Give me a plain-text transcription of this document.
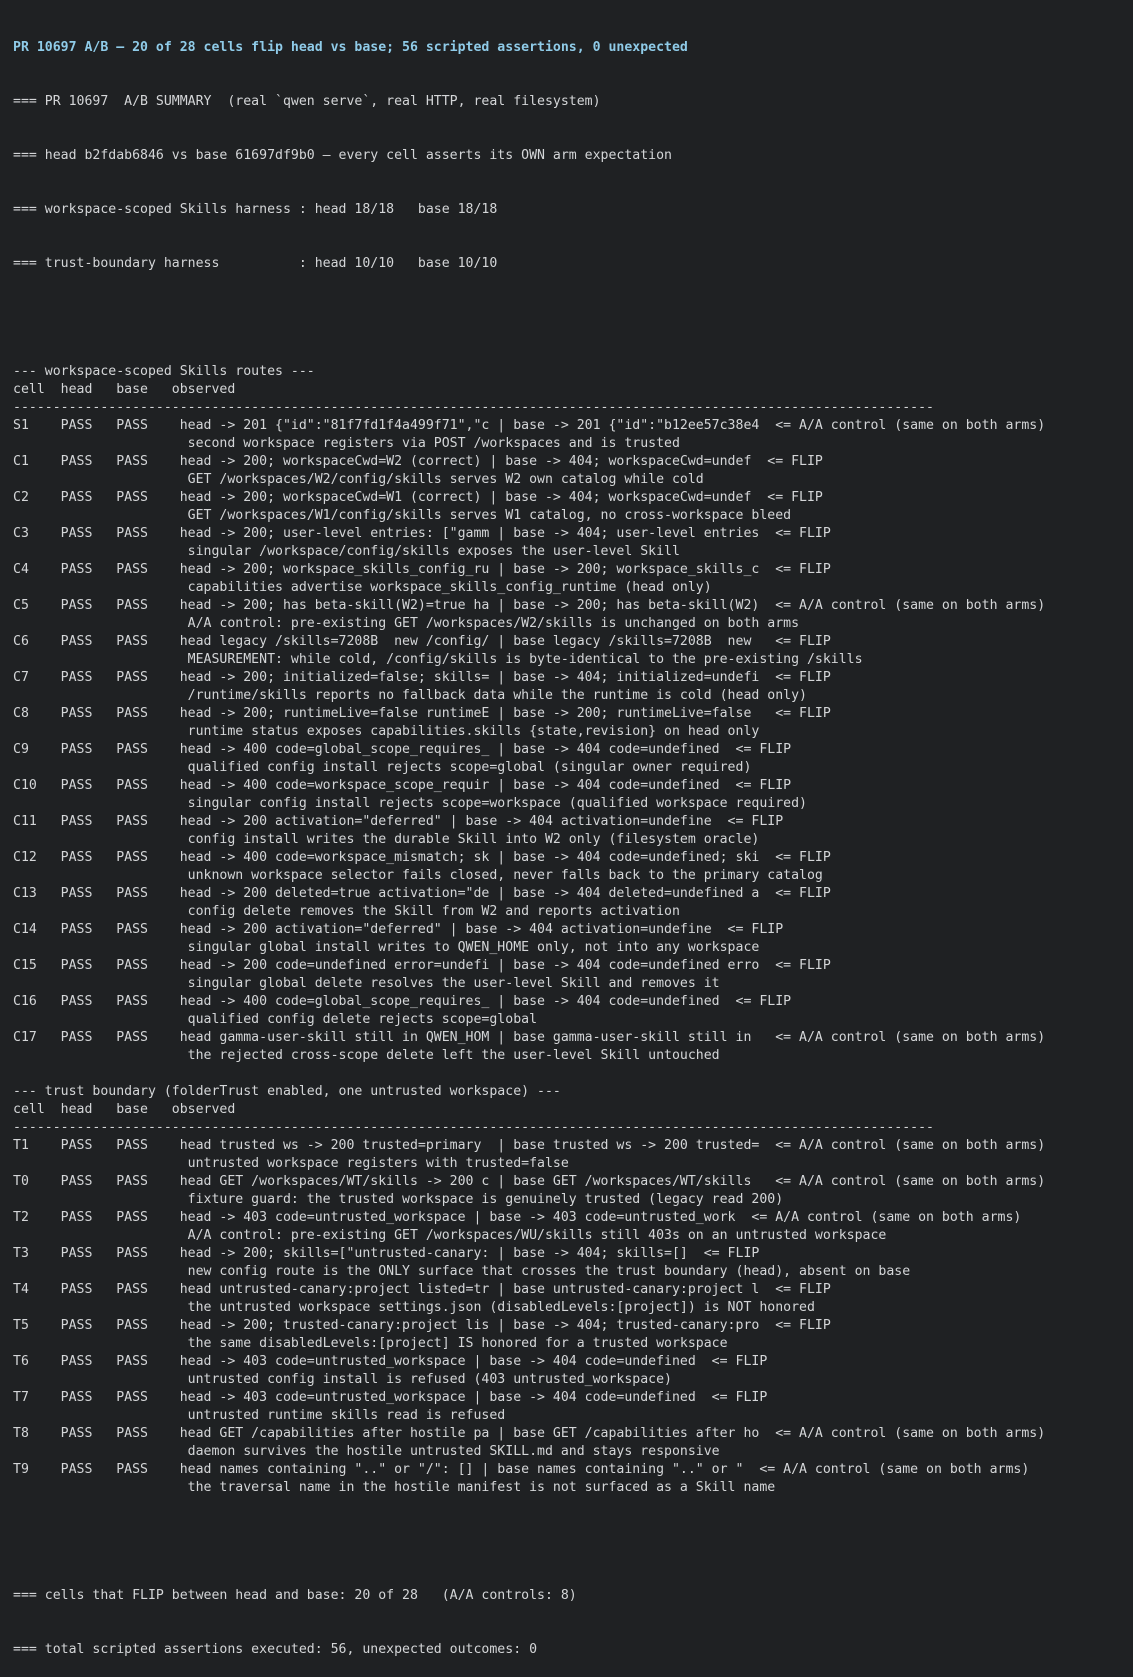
PR 10697 A/B — 20 of 28 cells flip head vs base; 56 scripted assertions, 0 unexpected

=== PR 10697  A/B SUMMARY  (real `qwen serve`, real HTTP, real filesystem)

=== head b2fdab6846 vs base 61697df9b0 — every cell asserts its OWN arm expectation

=== workspace-scoped Skills harness : head 18/18   base 18/18

=== trust-boundary harness          : head 10/10   base 10/10

--- workspace-scoped Skills routes ---
cell  head   base   observed
--------------------------------------------------------------------------------------------------------------------
S1    PASS   PASS    head -> 201 {"id":"81f7fd1f4a499f71","c | base -> 201 {"id":"b12ee57c38e4  <= A/A control (same on both arms)
second workspace registers via POST /workspaces and is trusted
C1    PASS   PASS    head -> 200; workspaceCwd=W2 (correct) | base -> 404; workspaceCwd=undef  <= FLIP
GET /workspaces/W2/config/skills serves W2 own catalog while cold
C2    PASS   PASS    head -> 200; workspaceCwd=W1 (correct) | base -> 404; workspaceCwd=undef  <= FLIP
GET /workspaces/W1/config/skills serves W1 catalog, no cross-workspace bleed
C3    PASS   PASS    head -> 200; user-level entries: ["gamm | base -> 404; user-level entries  <= FLIP
singular /workspace/config/skills exposes the user-level Skill
C4    PASS   PASS    head -> 200; workspace_skills_config_ru | base -> 200; workspace_skills_c  <= FLIP
capabilities advertise workspace_skills_config_runtime (head only)
C5    PASS   PASS    head -> 200; has beta-skill(W2)=true ha | base -> 200; has beta-skill(W2)  <= A/A control (same on both arms)
A/A control: pre-existing GET /workspaces/W2/skills is unchanged on both arms
C6    PASS   PASS    head legacy /skills=7208B  new /config/ | base legacy /skills=7208B  new   <= FLIP
MEASUREMENT: while cold, /config/skills is byte-identical to the pre-existing /skills
C7    PASS   PASS    head -> 200; initialized=false; skills= | base -> 404; initialized=undefi  <= FLIP
/runtime/skills reports no fallback data while the runtime is cold (head only)
C8    PASS   PASS    head -> 200; runtimeLive=false runtimeE | base -> 200; runtimeLive=false   <= FLIP
runtime status exposes capabilities.skills {state,revision} on head only
C9    PASS   PASS    head -> 400 code=global_scope_requires_ | base -> 404 code=undefined  <= FLIP
qualified config install rejects scope=global (singular owner required)
C10   PASS   PASS    head -> 400 code=workspace_scope_requir | base -> 404 code=undefined  <= FLIP
singular config install rejects scope=workspace (qualified workspace required)
C11   PASS   PASS    head -> 200 activation="deferred" | base -> 404 activation=undefine  <= FLIP
config install writes the durable Skill into W2 only (filesystem oracle)
C12   PASS   PASS    head -> 400 code=workspace_mismatch; sk | base -> 404 code=undefined; ski  <= FLIP
unknown workspace selector fails closed, never falls back to the primary catalog
C13   PASS   PASS    head -> 200 deleted=true activation="de | base -> 404 deleted=undefined a  <= FLIP
config delete removes the Skill from W2 and reports activation
C14   PASS   PASS    head -> 200 activation="deferred" | base -> 404 activation=undefine  <= FLIP
singular global install writes to QWEN_HOME only, not into any workspace
C15   PASS   PASS    head -> 200 code=undefined error=undefi | base -> 404 code=undefined erro  <= FLIP
singular global delete resolves the user-level Skill and removes it
C16   PASS   PASS    head -> 400 code=global_scope_requires_ | base -> 404 code=undefined  <= FLIP
qualified config delete rejects scope=global
C17   PASS   PASS    head gamma-user-skill still in QWEN_HOM | base gamma-user-skill still in   <= A/A control (same on both arms)
the rejected cross-scope delete left the user-level Skill untouched
--- trust boundary (folderTrust enabled, one untrusted workspace) ---
cell  head   base   observed
--------------------------------------------------------------------------------------------------------------------
T1    PASS   PASS    head trusted ws -> 200 trusted=primary  | base trusted ws -> 200 trusted=  <= A/A control (same on both arms)
untrusted workspace registers with trusted=false
T0    PASS   PASS    head GET /workspaces/WT/skills -> 200 c | base GET /workspaces/WT/skills   <= A/A control (same on both arms)
fixture guard: the trusted workspace is genuinely trusted (legacy read 200)
T2    PASS   PASS    head -> 403 code=untrusted_workspace | base -> 403 code=untrusted_work  <= A/A control (same on both arms)
A/A control: pre-existing GET /workspaces/WU/skills still 403s on an untrusted workspace
T3    PASS   PASS    head -> 200; skills=["untrusted-canary: | base -> 404; skills=[]  <= FLIP
new config route is the ONLY surface that crosses the trust boundary (head), absent on base
T4    PASS   PASS    head untrusted-canary:project listed=tr | base untrusted-canary:project l  <= FLIP
the untrusted workspace settings.json (disabledLevels:[project]) is NOT honored
T5    PASS   PASS    head -> 200; trusted-canary:project lis | base -> 404; trusted-canary:pro  <= FLIP
the same disabledLevels:[project] IS honored for a trusted workspace
T6    PASS   PASS    head -> 403 code=untrusted_workspace | base -> 404 code=undefined  <= FLIP
untrusted config install is refused (403 untrusted_workspace)
T7    PASS   PASS    head -> 403 code=untrusted_workspace | base -> 404 code=undefined  <= FLIP
untrusted runtime skills read is refused
T8    PASS   PASS    head GET /capabilities after hostile pa | base GET /capabilities after ho  <= A/A control (same on both arms)
daemon survives the hostile untrusted SKILL.md and stays responsive
T9    PASS   PASS    head names containing ".." or "/": [] | base names containing ".." or "  <= A/A control (same on both arms)
the traversal name in the hostile manifest is not surfaced as a Skill name

=== cells that FLIP between head and base: 20 of 28   (A/A controls: 8)

=== total scripted assertions executed: 56, unexpected outcomes: 0
